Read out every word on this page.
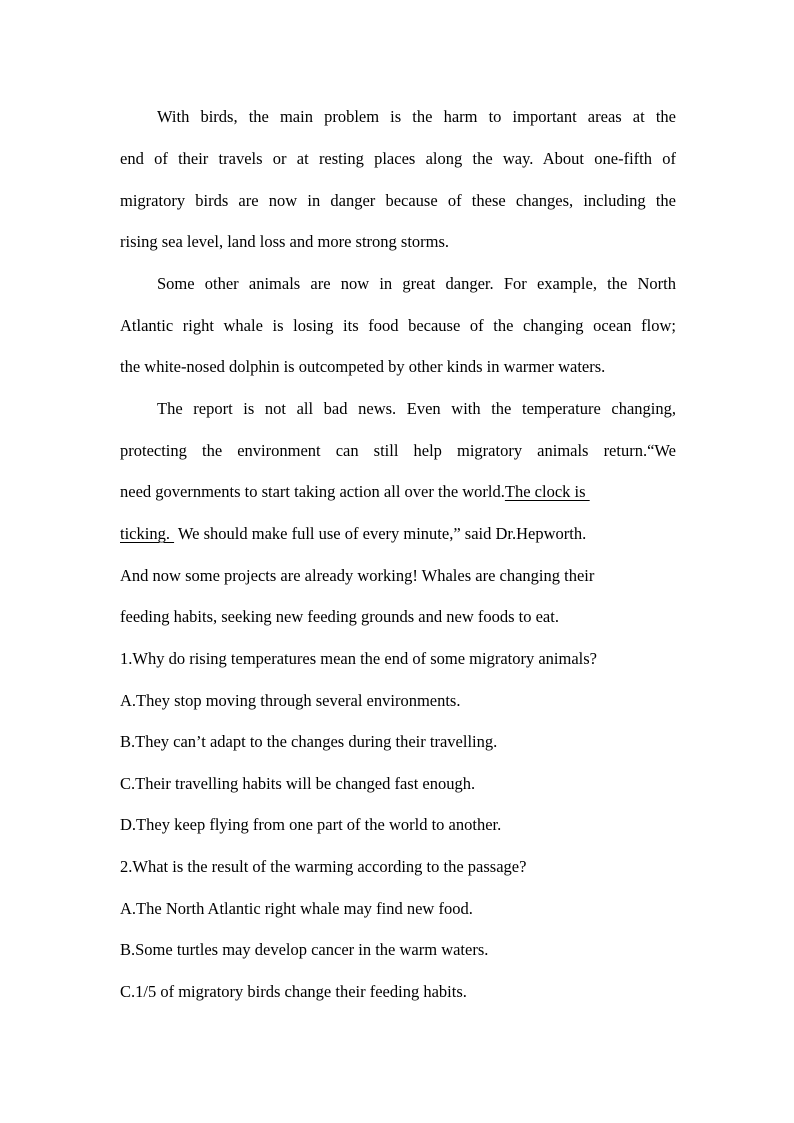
With birds, the main problem is the harm to important areas at the
end of their travels or at resting places along the way. About one-fifth of
migratory birds are now in danger because of these changes, including the
rising sea level, land loss and more strong storms.
Some other animals are now in great danger. For example, the North
Atlantic right whale is losing its food because of the changing ocean flow;
the white-nosed dolphin is outcompeted by other kinds in warmer waters.
The report is not all bad news. Even with the temperature changing,
protecting the environment can still help migratory animals return.“We
need governments to start taking action all over the world.The clock is
ticking.  We should make full use of every minute,” said Dr.Hepworth.
And now some projects are already working! Whales are changing their
feeding habits, seeking new feeding grounds and new foods to eat.
1.Why do rising temperatures mean the end of some migratory animals?
A.They stop moving through several environments.
B.They can’t adapt to the changes during their travelling.
C.Their travelling habits will be changed fast enough.
D.They keep flying from one part of the world to another.
2.What is the result of the warming according to the passage?
A.The North Atlantic right whale may find new food.
B.Some turtles may develop cancer in the warm waters.
C.1/5 of migratory birds change their feeding habits.
